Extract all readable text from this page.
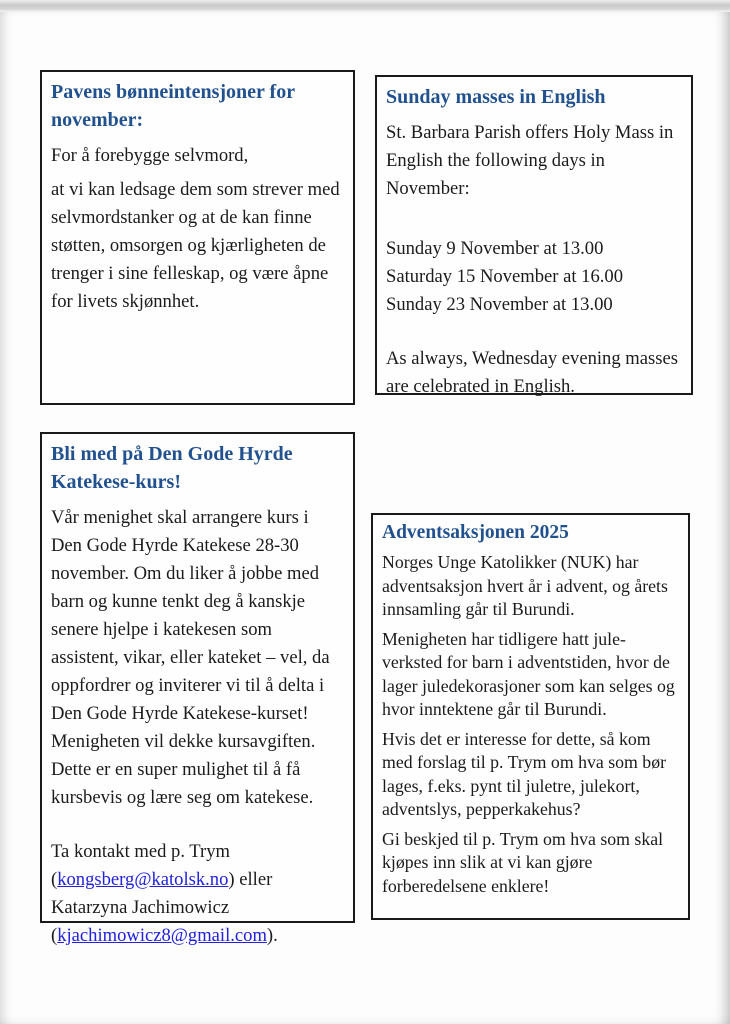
Pavens bønneintensjoner for november:

For å forebygge selvmord,

at vi kan ledsage dem som strever med selvmordstanker og at de kan finne støtten, omsorgen og kjærligheten de trenger i sine felleskap, og være åpne for livets skjønnhet.

Sunday masses in English

St. Barbara Parish offers Holy Mass in English the following days in November:

Sunday 9 November at 13.00

Saturday 15 November at 16.00

Sunday 23 November at 13.00

As always, Wednesday evening masses are celebrated in English.

Bli med på Den Gode Hyrde Katekese-kurs!

Vår menighet skal arrangere kurs i Den Gode Hyrde Katekese 28-30 november. Om du liker å jobbe med barn og kunne tenkt deg å kanskje senere hjelpe i katekesen som assistent, vikar, eller kateket – vel, da oppfordrer og inviterer vi til å delta i Den Gode Hyrde Katekese-kurset! Menigheten vil dekke kursavgiften. Dette er en super mulighet til å få kursbevis og lære seg om katekese.

Ta kontakt med p. Trym (kongsberg@katolsk.no) eller Katarzyna Jachimowicz (kjachimowicz8@gmail.com).

Adventsaksjonen 2025

Norges Unge Katolikker (NUK) har adventsaksjon hvert år i advent, og årets innsamling går til Burundi.

Menigheten har tidligere hatt jule-verksted for barn i adventstiden, hvor de lager juledekorasjoner som kan selges og hvor inntektene går til Burundi.

Hvis det er interesse for dette, så kom med forslag til p. Trym om hva som bør lages, f.eks. pynt til juletre, julekort, adventslys, pepperkakehus?

Gi beskjed til p. Trym om hva som skal kjøpes inn slik at vi kan gjøre forberedelsene enklere!
